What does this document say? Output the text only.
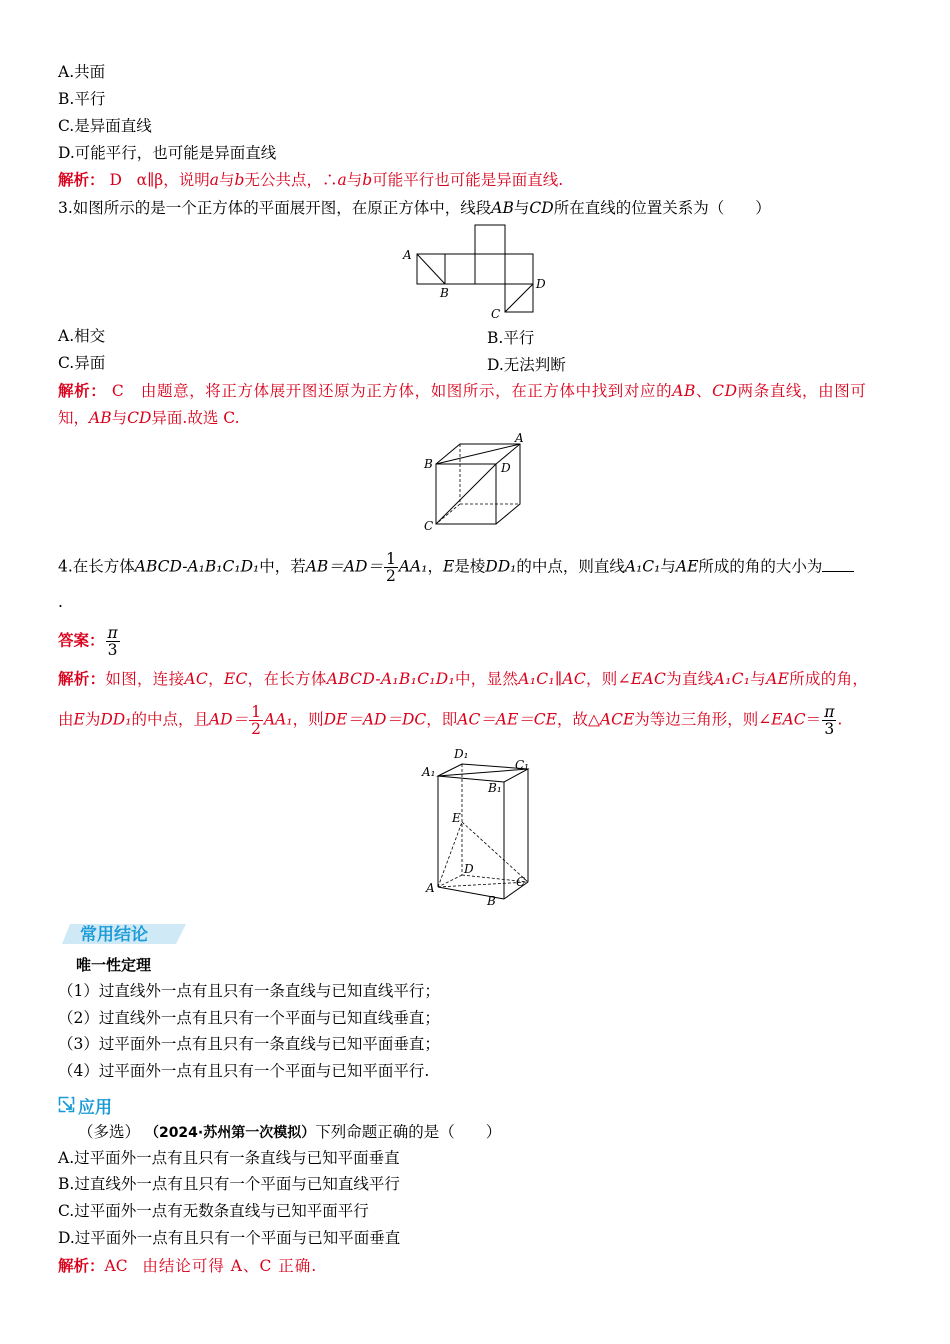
A.共面
B.平行
C.是异面直线
D.可能平行，也可能是异面直线
解析： D α∥β，说明a与b无公共点，∴a与b可能平行也可能是异面直线.
3.如图所示的是一个正方体的平面展开图，在原正方体中，线段AB与CD所在直线的位置关系为（　　）
A
B
C
D
A.相交	B.平行
C.异面	D.无法判断
解析： C 由题意，将正方体展开图还原为正方体，如图所示，在正方体中找到对应的AB、CD两条直线，由图可
知，AB与CD异面.故选 C.
A
B
C
D
4.在长方体ABCD-A₁B₁C₁D₁中，若$AB=AD= \frac{1}{2} AA_1$，E是棱DD₁的中点，则直线A₁C₁与AE所成的角的大小为
.
答案： $\frac{\pi}{3}$
解析：如图，连接AC，EC，在长方体ABCD-A₁B₁C₁D₁中，显然A₁C₁∥AC，则∠EAC为直线A₁C₁与AE所成的角，
由E为DD₁的中点，且$AD= \frac{1}{2} AA_1$，则DE＝AD＝DC，即AC＝AE＝CE，故△ACE为等边三角形，则∠EAC＝ $\frac{\pi}{3}$ .
D₁
A₁	C₁
B₁
E
D
A	C
B
常用结论
唯一性定理
（1）过直线外一点有且只有一条直线与已知直线平行；
（2）过直线外一点有且只有一个平面与已知直线垂直；
（3）过平面外一点有且只有一条直线与已知平面垂直；
（4）过平面外一点有且只有一个平面与已知平面平行.
应用
（多选） （2024·苏州第一次模拟）下列命题正确的是（　　）
A.过平面外一点有且只有一条直线与已知平面垂直
B.过直线外一点有且只有一个平面与已知直线平行
C.过平面外一点有无数条直线与已知平面平行
D.过平面外一点有且只有一个平面与已知平面垂直
解析：AC 由结论可得 A、C 正确.
